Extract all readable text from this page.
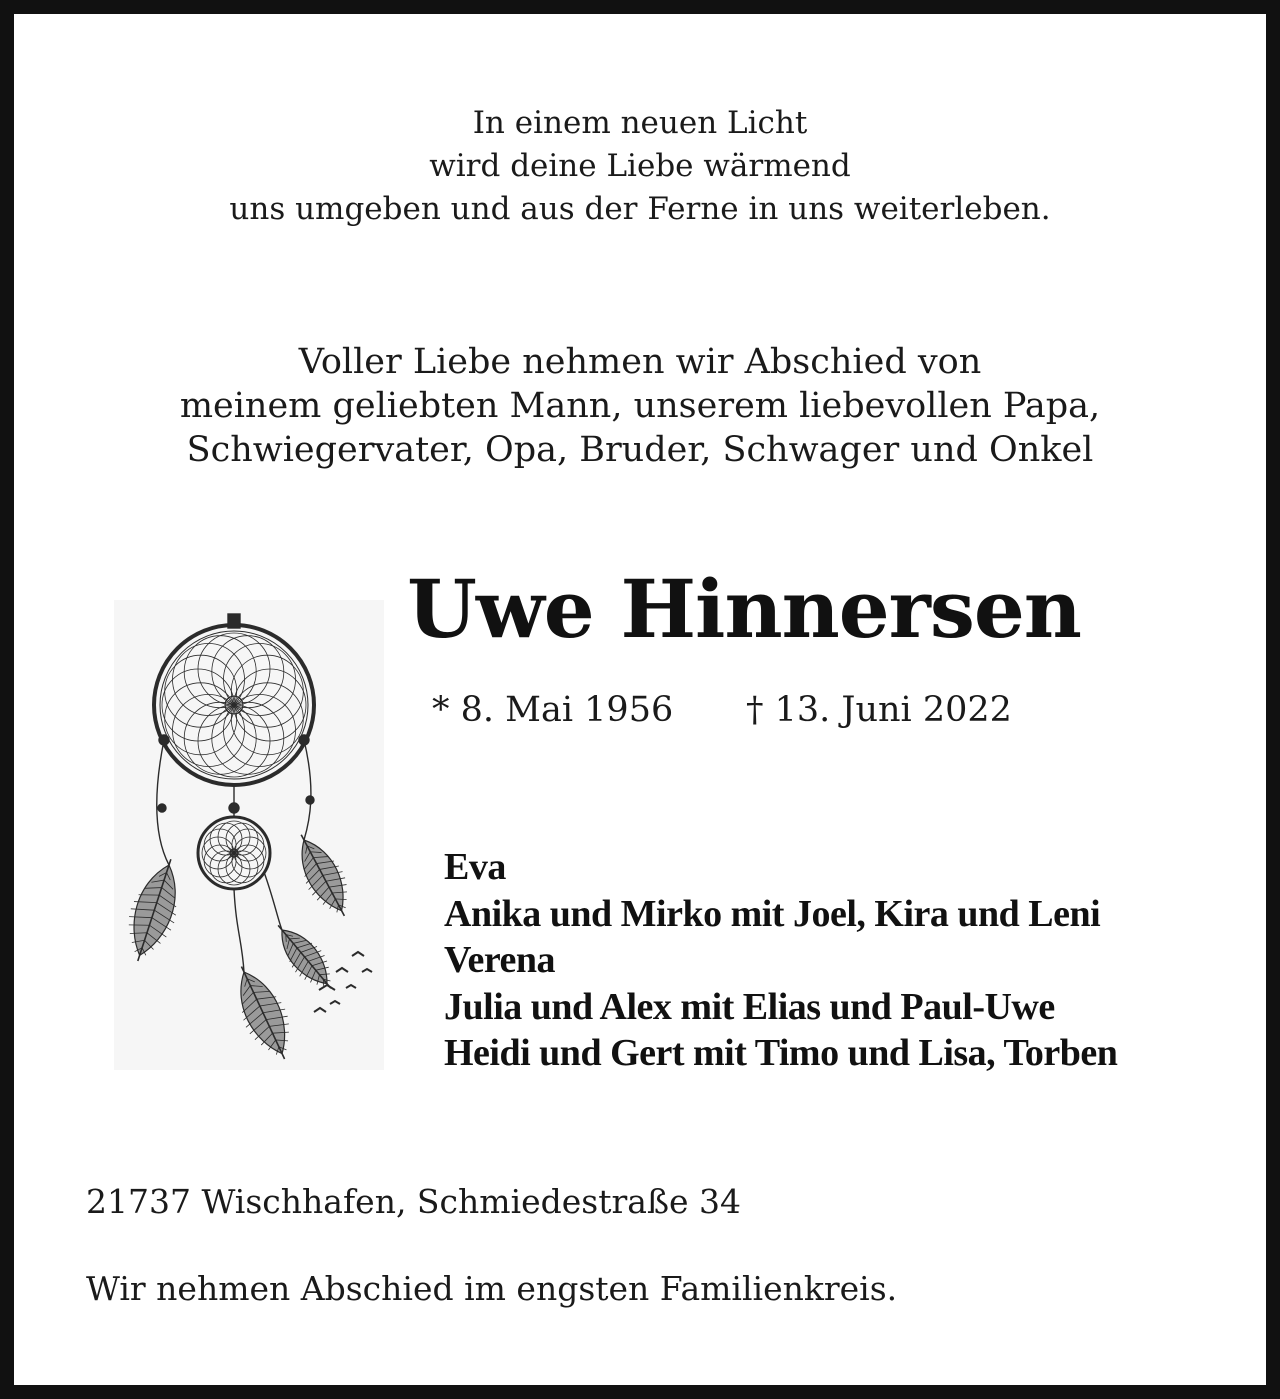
In einem neuen Licht
wird deine Liebe wärmend
uns umgeben und aus der Ferne in uns weiterleben.
Voller Liebe nehmen wir Abschied von
meinem geliebten Mann, unserem liebevollen Papa,
Schwiegervater, Opa, Bruder, Schwager und Onkel
Uwe Hinnersen
* 8. Mai 1956 † 13. Juni 2022
Eva
Anika und Mirko mit Joel, Kira und Leni
Verena
Julia und Alex mit Elias und Paul-Uwe
Heidi und Gert mit Timo und Lisa, Torben
21737 Wischhafen, Schmiedestraße 34
Wir nehmen Abschied im engsten Familienkreis.
